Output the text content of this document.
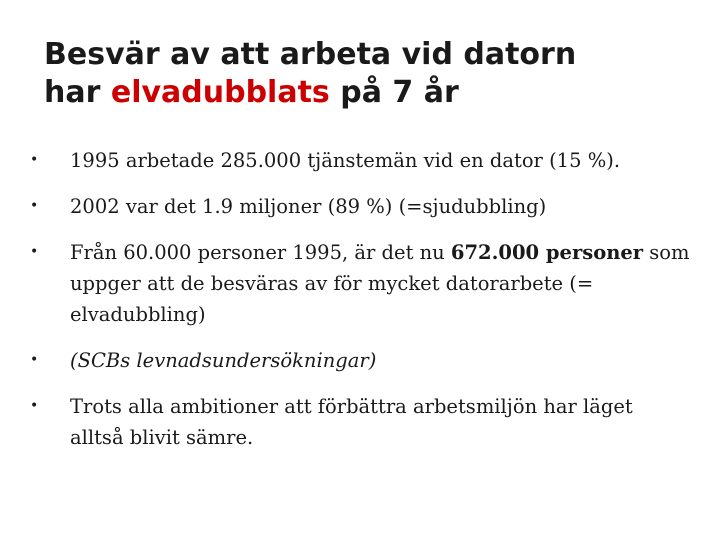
Besvär av att arbeta vid datorn
har elvadubblats på 7 år
•	1995 arbetade 285.000 tjänstemän vid en dator (15 %).
•	2002 var det 1.9 miljoner (89 %) (=sjudubbling)
•	Från 60.000 personer 1995, är det nu 672.000 personer som uppger att de besväras av för mycket datorarbete (= elvadubbling)
•	(SCBs levnadsundersökningar)
•	Trots alla ambitioner att förbättra arbetsmiljön har läget alltså blivit sämre.
